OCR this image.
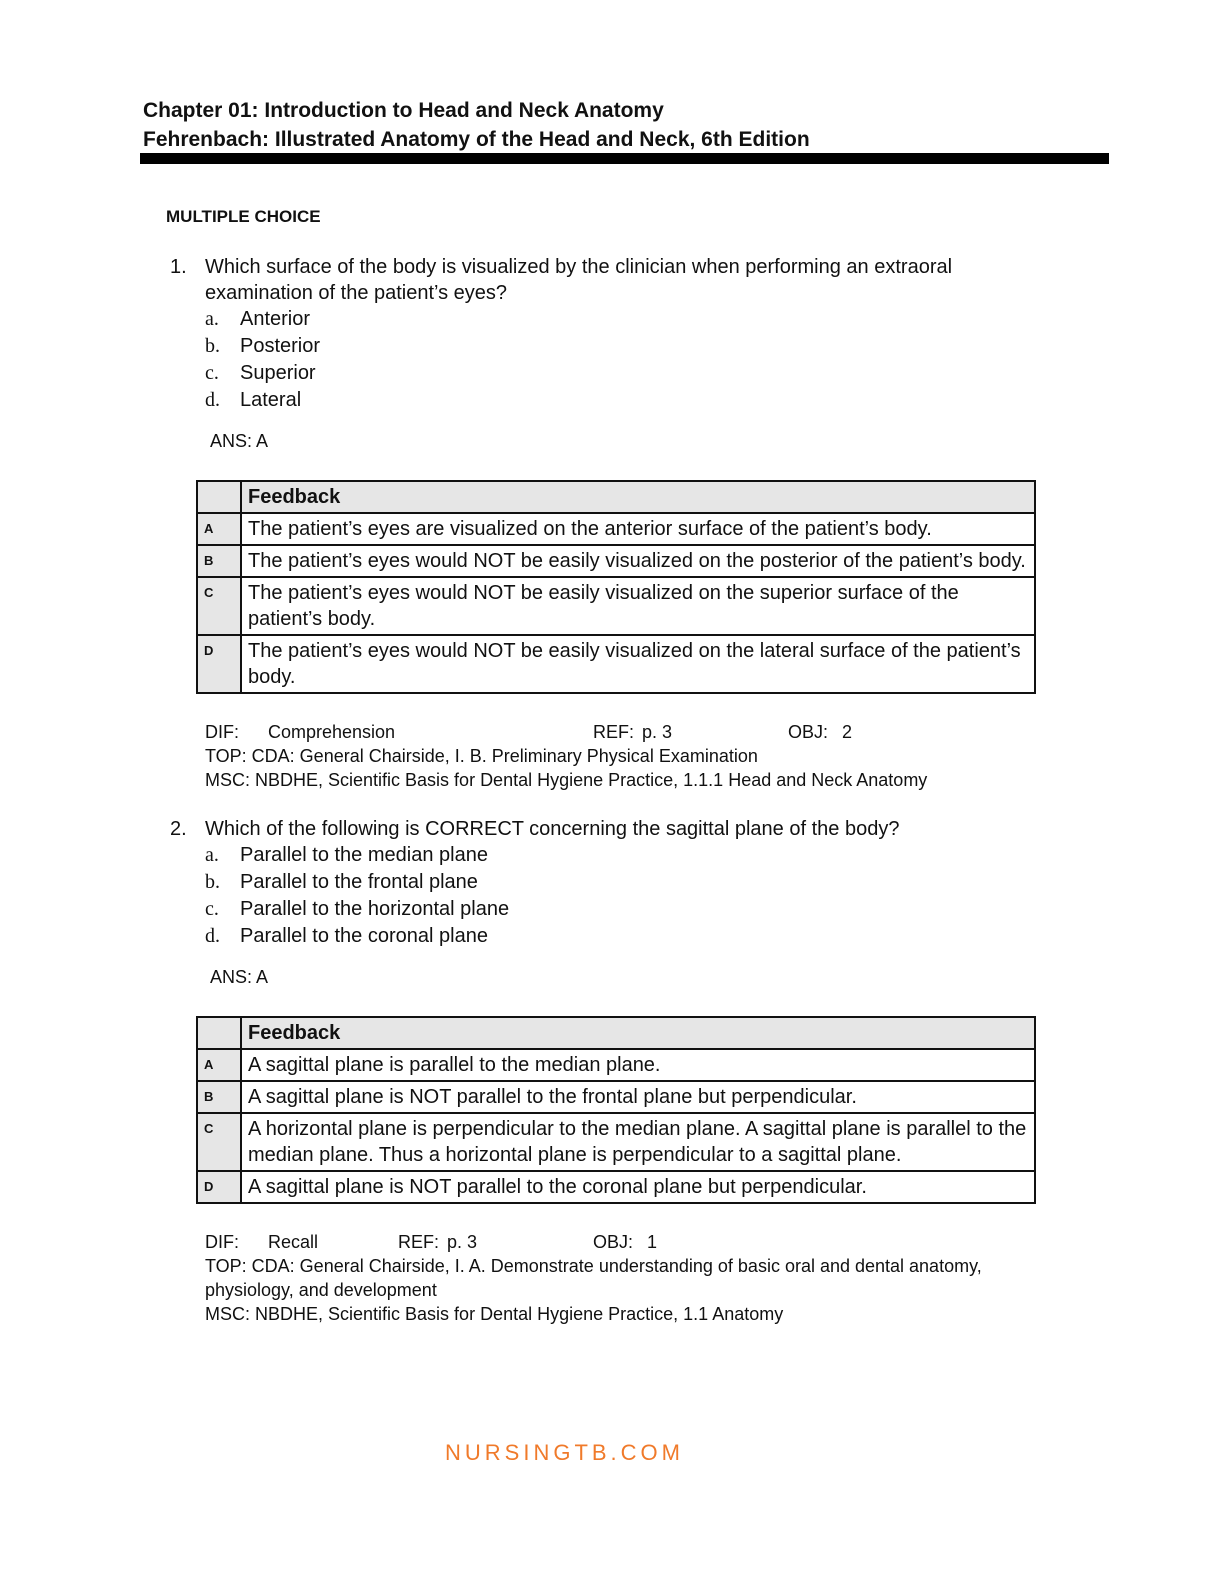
Chapter 01: Introduction to Head and Neck Anatomy
Fehrenbach: Illustrated Anatomy of the Head and Neck, 6th Edition
MULTIPLE CHOICE
1. Which surface of the body is visualized by the clinician when performing an extraoral examination of the patient’s eyes?
a. Anterior
b. Posterior
c. Superior
d. Lateral
ANS: A
	Feedback
A	The patient’s eyes are visualized on the anterior surface of the patient’s body.
B	The patient’s eyes would NOT be easily visualized on the posterior of the patient’s body.
C	The patient’s eyes would NOT be easily visualized on the superior surface of the patient’s body.
D	The patient’s eyes would NOT be easily visualized on the lateral surface of the patient’s body.
DIF: Comprehension	REF: p. 3	OBJ: 2
TOP: CDA: General Chairside, I. B. Preliminary Physical Examination
MSC: NBDHE, Scientific Basis for Dental Hygiene Practice, 1.1.1 Head and Neck Anatomy
2. Which of the following is CORRECT concerning the sagittal plane of the body?
a. Parallel to the median plane
b. Parallel to the frontal plane
c. Parallel to the horizontal plane
d. Parallel to the coronal plane
ANS: A
	Feedback
A	A sagittal plane is parallel to the median plane.
B	A sagittal plane is NOT parallel to the frontal plane but perpendicular.
C	A horizontal plane is perpendicular to the median plane. A sagittal plane is parallel to the median plane. Thus a horizontal plane is perpendicular to a sagittal plane.
D	A sagittal plane is NOT parallel to the coronal plane but perpendicular.
DIF: Recall	REF: p. 3	OBJ: 1
TOP: CDA: General Chairside, I. A. Demonstrate understanding of basic oral and dental anatomy, physiology, and development
MSC: NBDHE, Scientific Basis for Dental Hygiene Practice, 1.1 Anatomy
NURSINGTB.COM
